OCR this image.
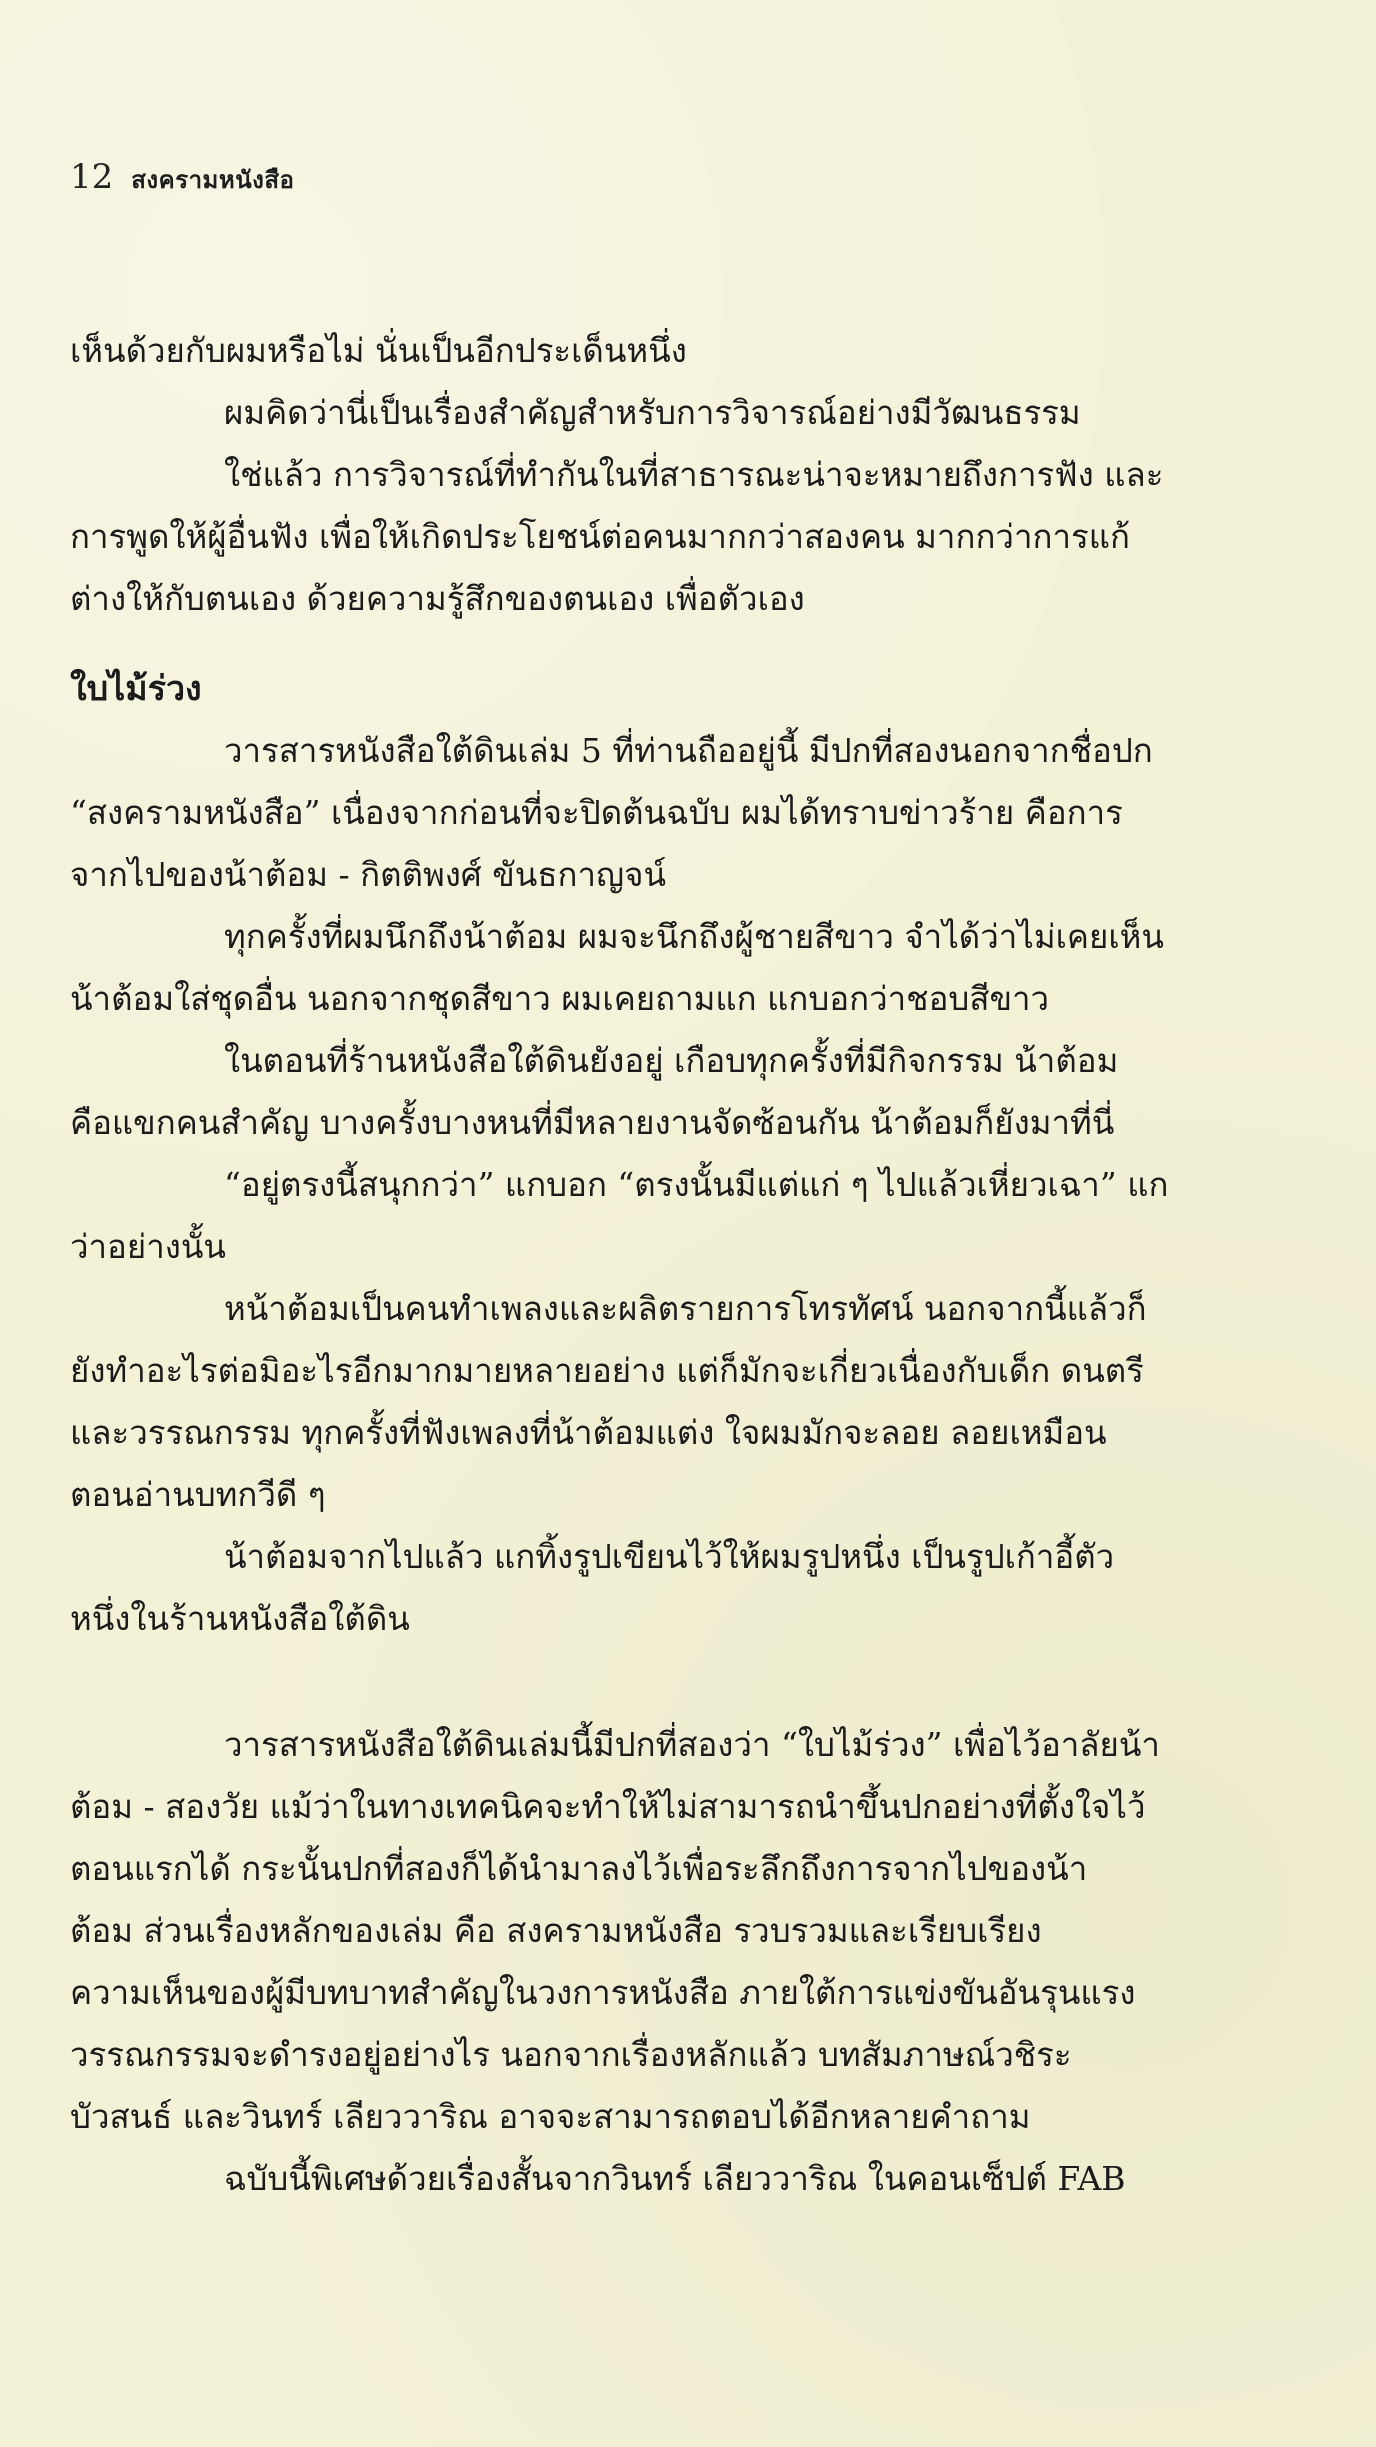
12 สงครามหนังสือ
เห็นด้วยกับผมหรือไม่ นั่นเป็นอีกประเด็นหนึ่ง
ผมคิดว่านี่เป็นเรื่องสำคัญสำหรับการวิจารณ์อย่างมีวัฒนธรรม
ใช่แล้ว การวิจารณ์ที่ทำกันในที่สาธารณะน่าจะหมายถึงการฟัง และ
การพูดให้ผู้อื่นฟัง เพื่อให้เกิดประโยชน์ต่อคนมากกว่าสองคน มากกว่าการแก้
ต่างให้กับตนเอง ด้วยความรู้สึกของตนเอง เพื่อตัวเอง
ใบไม้ร่วง
วารสารหนังสือใต้ดินเล่ม 5 ที่ท่านถืออยู่นี้ มีปกที่สองนอกจากชื่อปก
“สงครามหนังสือ” เนื่องจากก่อนที่จะปิดต้นฉบับ ผมได้ทราบข่าวร้าย คือการ
จากไปของน้าต้อม - กิตติพงศ์ ขันธกาญจน์
ทุกครั้งที่ผมนึกถึงน้าต้อม ผมจะนึกถึงผู้ชายสีขาว จำได้ว่าไม่เคยเห็น
น้าต้อมใส่ชุดอื่น นอกจากชุดสีขาว ผมเคยถามแก แกบอกว่าชอบสีขาว
ในตอนที่ร้านหนังสือใต้ดินยังอยู่ เกือบทุกครั้งที่มีกิจกรรม น้าต้อม
คือแขกคนสำคัญ บางครั้งบางหนที่มีหลายงานจัดซ้อนกัน น้าต้อมก็ยังมาที่นี่
“อยู่ตรงนี้สนุกกว่า” แกบอก “ตรงนั้นมีแต่แก่ ๆ ไปแล้วเหี่ยวเฉา” แก
ว่าอย่างนั้น
หน้าต้อมเป็นคนทำเพลงและผลิตรายการโทรทัศน์ นอกจากนี้แล้วก็
ยังทำอะไรต่อมิอะไรอีกมากมายหลายอย่าง แต่ก็มักจะเกี่ยวเนื่องกับเด็ก ดนตรี
และวรรณกรรม ทุกครั้งที่ฟังเพลงที่น้าต้อมแต่ง ใจผมมักจะลอย ลอยเหมือน
ตอนอ่านบทกวีดี ๆ
น้าต้อมจากไปแล้ว แกทิ้งรูปเขียนไว้ให้ผมรูปหนึ่ง เป็นรูปเก้าอี้ตัว
หนึ่งในร้านหนังสือใต้ดิน
วารสารหนังสือใต้ดินเล่มนี้มีปกที่สองว่า “ใบไม้ร่วง” เพื่อไว้อาลัยน้า
ต้อม - สองวัย แม้ว่าในทางเทคนิคจะทำให้ไม่สามารถนำขึ้นปกอย่างที่ตั้งใจไว้
ตอนแรกได้ กระนั้นปกที่สองก็ได้นำมาลงไว้เพื่อระลึกถึงการจากไปของน้า
ต้อม ส่วนเรื่องหลักของเล่ม คือ สงครามหนังสือ รวบรวมและเรียบเรียง
ความเห็นของผู้มีบทบาทสำคัญในวงการหนังสือ ภายใต้การแข่งขันอันรุนแรง
วรรณกรรมจะดำรงอยู่อย่างไร นอกจากเรื่องหลักแล้ว บทสัมภาษณ์วชิระ
บัวสนธ์ และวินทร์ เลียววาริณ อาจจะสามารถตอบได้อีกหลายคำถาม
ฉบับนี้พิเศษด้วยเรื่องสั้นจากวินทร์ เลียววาริณ ในคอนเซ็ปต์ FAB
